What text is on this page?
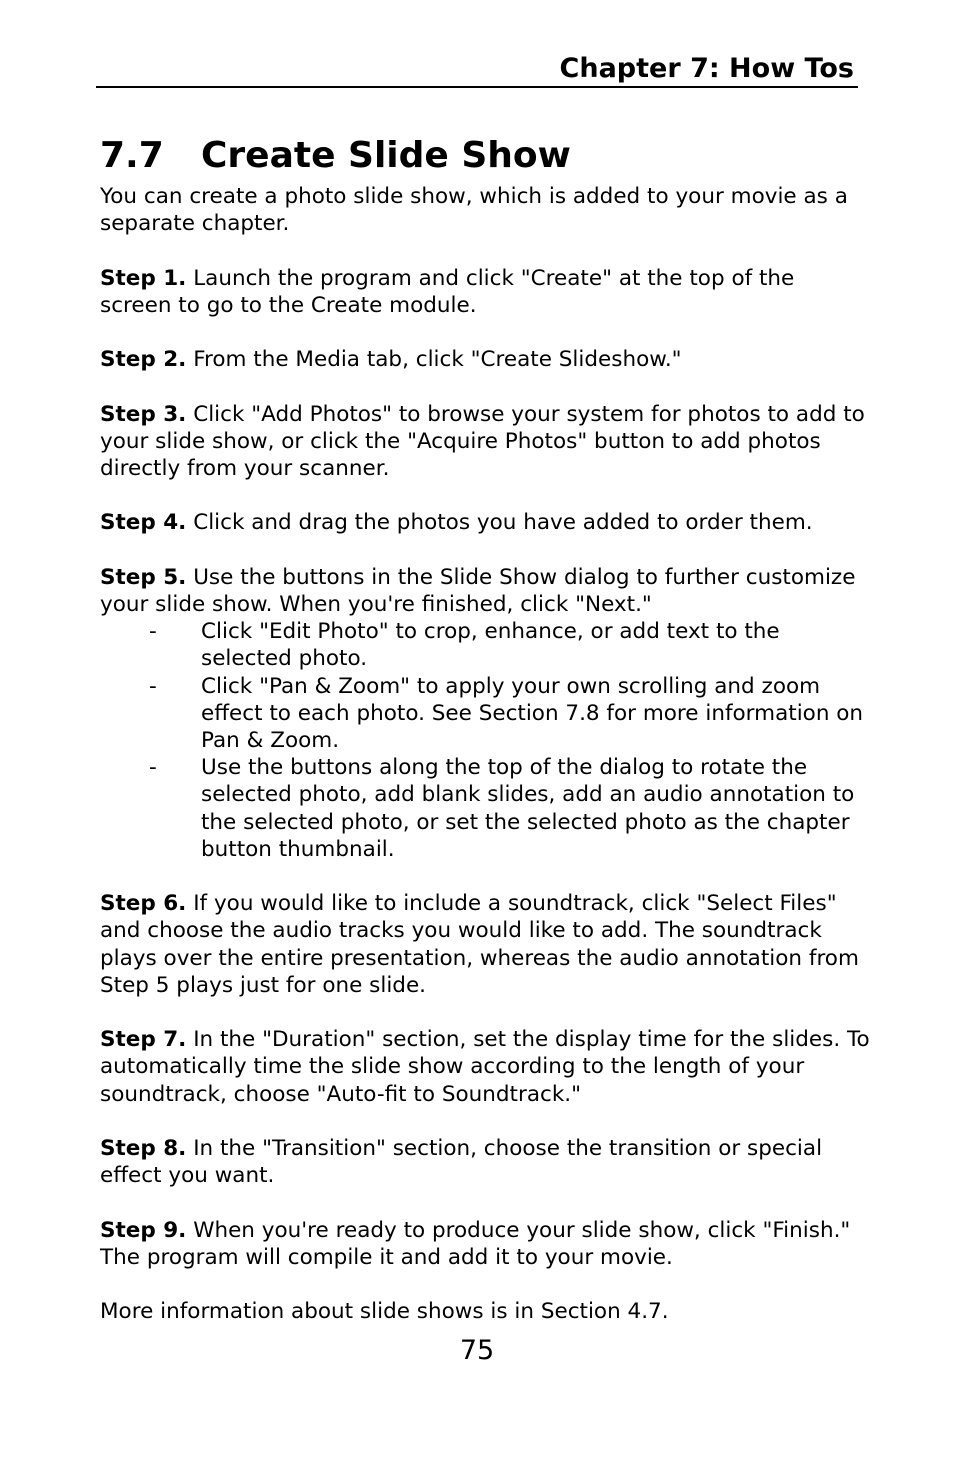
Chapter 7: How Tos
7.7 Create Slide Show

You can create a photo slide show, which is added to your movie as a separate chapter.

Step 1. Launch the program and click "Create" at the top of the screen to go to the Create module.

Step 2. From the Media tab, click "Create Slideshow."

Step 3. Click "Add Photos" to browse your system for photos to add to your slide show, or click the "Acquire Photos" button to add photos directly from your scanner.

Step 4. Click and drag the photos you have added to order them.

Step 5. Use the buttons in the Slide Show dialog to further customize your slide show. When you're finished, click "Next."

- Click "Edit Photo" to crop, enhance, or add text to the selected photo.
- Click "Pan & Zoom" to apply your own scrolling and zoom effect to each photo. See Section 7.8 for more information on Pan & Zoom.
- Use the buttons along the top of the dialog to rotate the selected photo, add blank slides, add an audio annotation to the selected photo, or set the selected photo as the chapter button thumbnail.

Step 6. If you would like to include a soundtrack, click "Select Files" and choose the audio tracks you would like to add. The soundtrack plays over the entire presentation, whereas the audio annotation from Step 5 plays just for one slide.

Step 7. In the "Duration" section, set the display time for the slides. To automatically time the slide show according to the length of your soundtrack, choose "Auto-fit to Soundtrack."

Step 8. In the "Transition" section, choose the transition or special effect you want.

Step 9. When you're ready to produce your slide show, click "Finish." The program will compile it and add it to your movie.

More information about slide shows is in Section 4.7.

75
